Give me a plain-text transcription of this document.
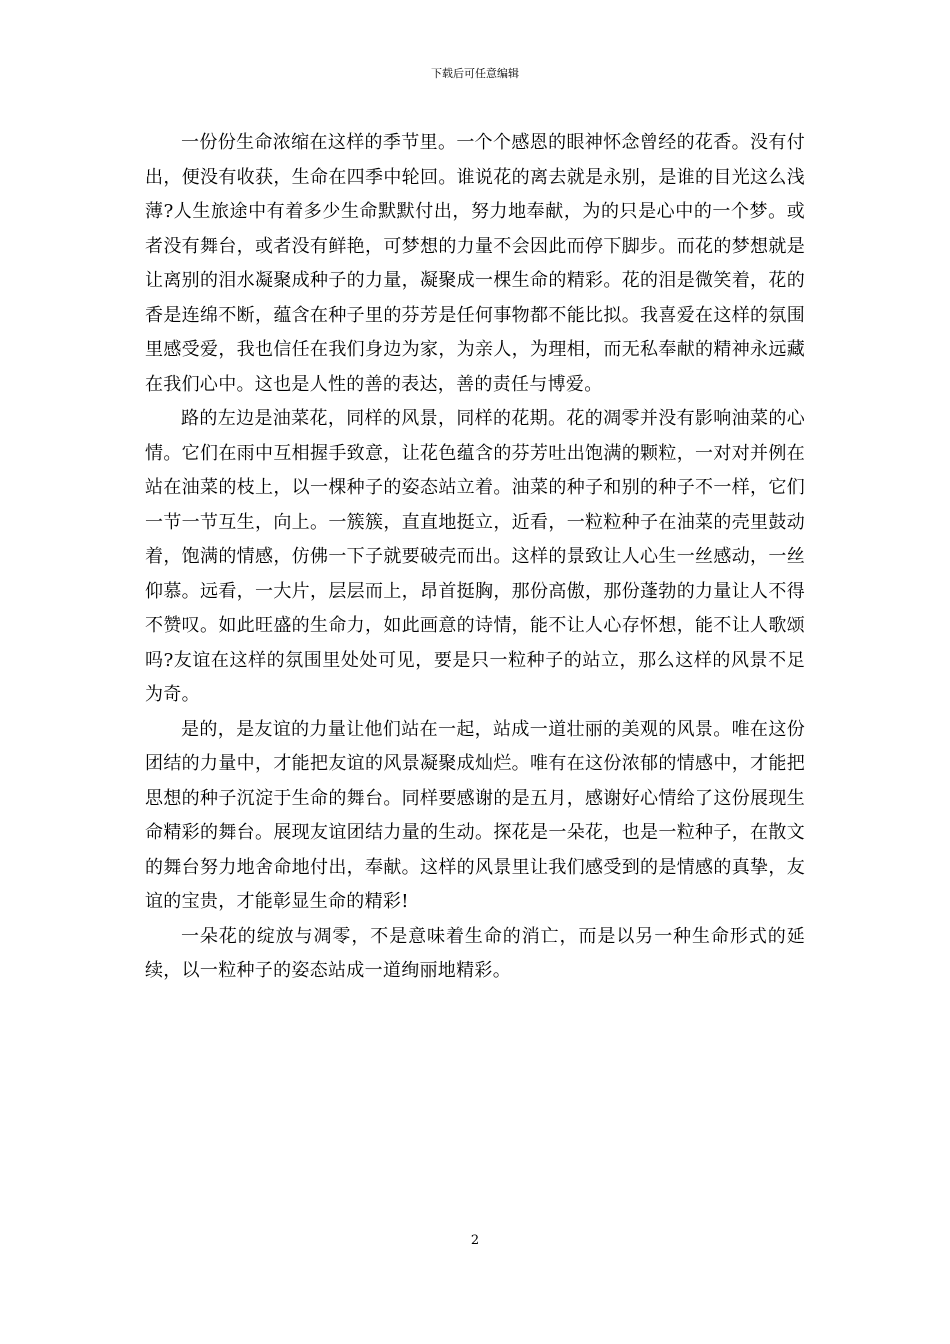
下载后可任意编辑

一份份生命浓缩在这样的季节里。一个个感恩的眼神怀念曾经的花香。没有付出，便没有收获，生命在四季中轮回。谁说花的离去就是永别，是谁的目光这么浅薄?人生旅途中有着多少生命默默付出，努力地奉献，为的只是心中的一个梦。或者没有舞台，或者没有鲜艳，可梦想的力量不会因此而停下脚步。而花的梦想就是让离别的泪水凝聚成种子的力量，凝聚成一棵生命的精彩。花的泪是微笑着，花的香是连绵不断，蕴含在种子里的芬芳是任何事物都不能比拟。我喜爱在这样的氛围里感受爱，我也信任在我们身边为家，为亲人，为理相，而无私奉献的精神永远藏在我们心中。这也是人性的善的表达，善的责任与博爱。

路的左边是油菜花，同样的风景，同样的花期。花的凋零并没有影响油菜的心情。它们在雨中互相握手致意，让花色蕴含的芬芳吐出饱满的颗粒，一对对并例在站在油菜的枝上，以一棵种子的姿态站立着。油菜的种子和别的种子不一样，它们一节一节互生，向上。一簇簇，直直地挺立，近看，一粒粒种子在油菜的壳里鼓动着，饱满的情感，仿佛一下子就要破壳而出。这样的景致让人心生一丝感动，一丝仰慕。远看，一大片，层层而上，昂首挺胸，那份高傲，那份蓬勃的力量让人不得不赞叹。如此旺盛的生命力，如此画意的诗情，能不让人心存怀想，能不让人歌颂吗?友谊在这样的氛围里处处可见，要是只一粒种子的站立，那么这样的风景不足为奇。

是的，是友谊的力量让他们站在一起，站成一道壮丽的美观的风景。唯在这份团结的力量中，才能把友谊的风景凝聚成灿烂。唯有在这份浓郁的情感中，才能把思想的种子沉淀于生命的舞台。同样要感谢的是五月，感谢好心情给了这份展现生命精彩的舞台。展现友谊团结力量的生动。探花是一朵花，也是一粒种子，在散文的舞台努力地舍命地付出，奉献。这样的风景里让我们感受到的是情感的真挚，友谊的宝贵，才能彰显生命的精彩!

一朵花的绽放与凋零，不是意味着生命的消亡，而是以另一种生命形式的延续，以一粒种子的姿态站成一道绚丽地精彩。

2
